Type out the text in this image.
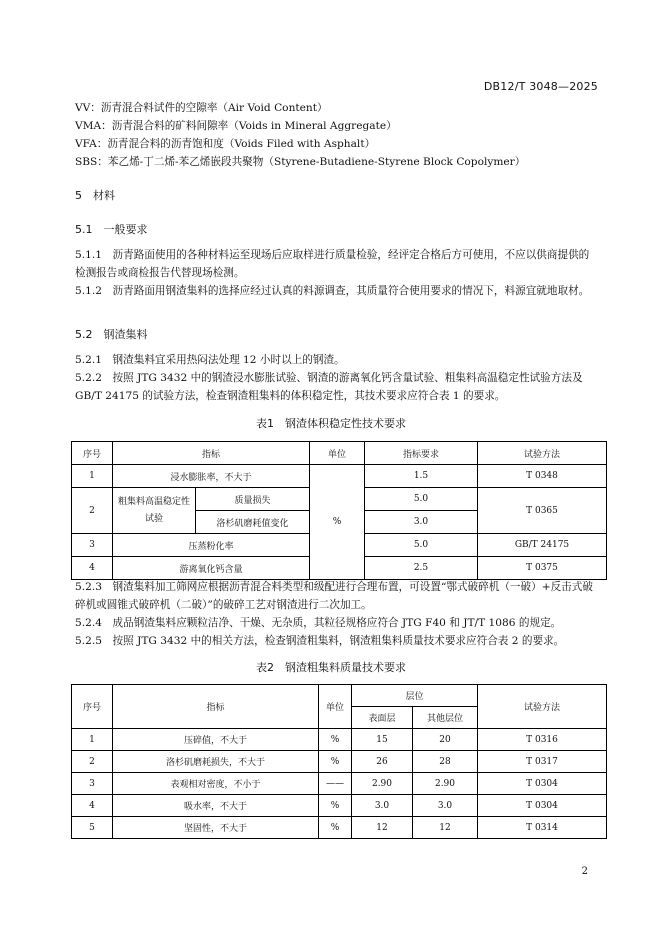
DB12/T 3048—2025
VV：沥青混合料试件的空隙率（Air Void Content）
VMA：沥青混合料的矿料间隙率（Voids in Mineral Aggregate）
VFA：沥青混合料的沥青饱和度（Voids Filed with Asphalt）
SBS：苯乙烯-丁二烯-苯乙烯嵌段共聚物（Styrene-Butadiene-Styrene Block Copolymer）
5　材料
5.1　一般要求
5.1.1　沥青路面使用的各种材料运至现场后应取样进行质量检验，经评定合格后方可使用，不应以供商提供的检测报告或商检报告代替现场检测。
5.1.2　沥青路面用钢渣集料的选择应经过认真的料源调查，其质量符合使用要求的情况下，料源宜就地取材。
5.2　钢渣集料
5.2.1　钢渣集料宜采用热闷法处理 12 小时以上的钢渣。
5.2.2　按照 JTG 3432 中的钢渣浸水膨胀试验、钢渣的游离氧化钙含量试验、粗集料高温稳定性试验方法及 GB/T 24175 的试验方法，检查钢渣粗集料的体积稳定性，其技术要求应符合表 1 的要求。
表1　钢渣体积稳定性技术要求
序号	指标		单位	指标要求	试验方法
1	浸水膨胀率，不大于		%	1.5	T 0348
2	粗集料高温稳定性试验	质量损失		5.0	T 0365
		洛杉矶磨耗值变化		3.0	
3	压蒸粉化率			5.0	GB/T 24175
4	游离氧化钙含量			2.5	T 0375
5.2.3　钢渣集料加工筛网应根据沥青混合料类型和级配进行合理布置，可设置“鄂式破碎机（一破）+反击式破碎机或圆锥式破碎机（二破）”的破碎工艺对钢渣进行二次加工。
5.2.4　成品钢渣集料应颗粒洁净、干燥、无杂质，其粒径规格应符合 JTG F40 和 JT/T 1086 的规定。
5.2.5　按照 JTG 3432 中的相关方法，检查钢渣粗集料，钢渣粗集料质量技术要求应符合表 2 的要求。
表2　钢渣粗集料质量技术要求
序号	指标	单位	层位		试验方法
			表面层	其他层位	
1	压碎值，不大于	%	15	20	T 0316
2	洛杉矶磨耗损失，不大于	%	26	28	T 0317
3	表观相对密度，不小于	——	2.90	2.90	T 0304
4	吸水率，不大于	%	3.0	3.0	T 0304
5	坚固性，不大于	%	12	12	T 0314
2
